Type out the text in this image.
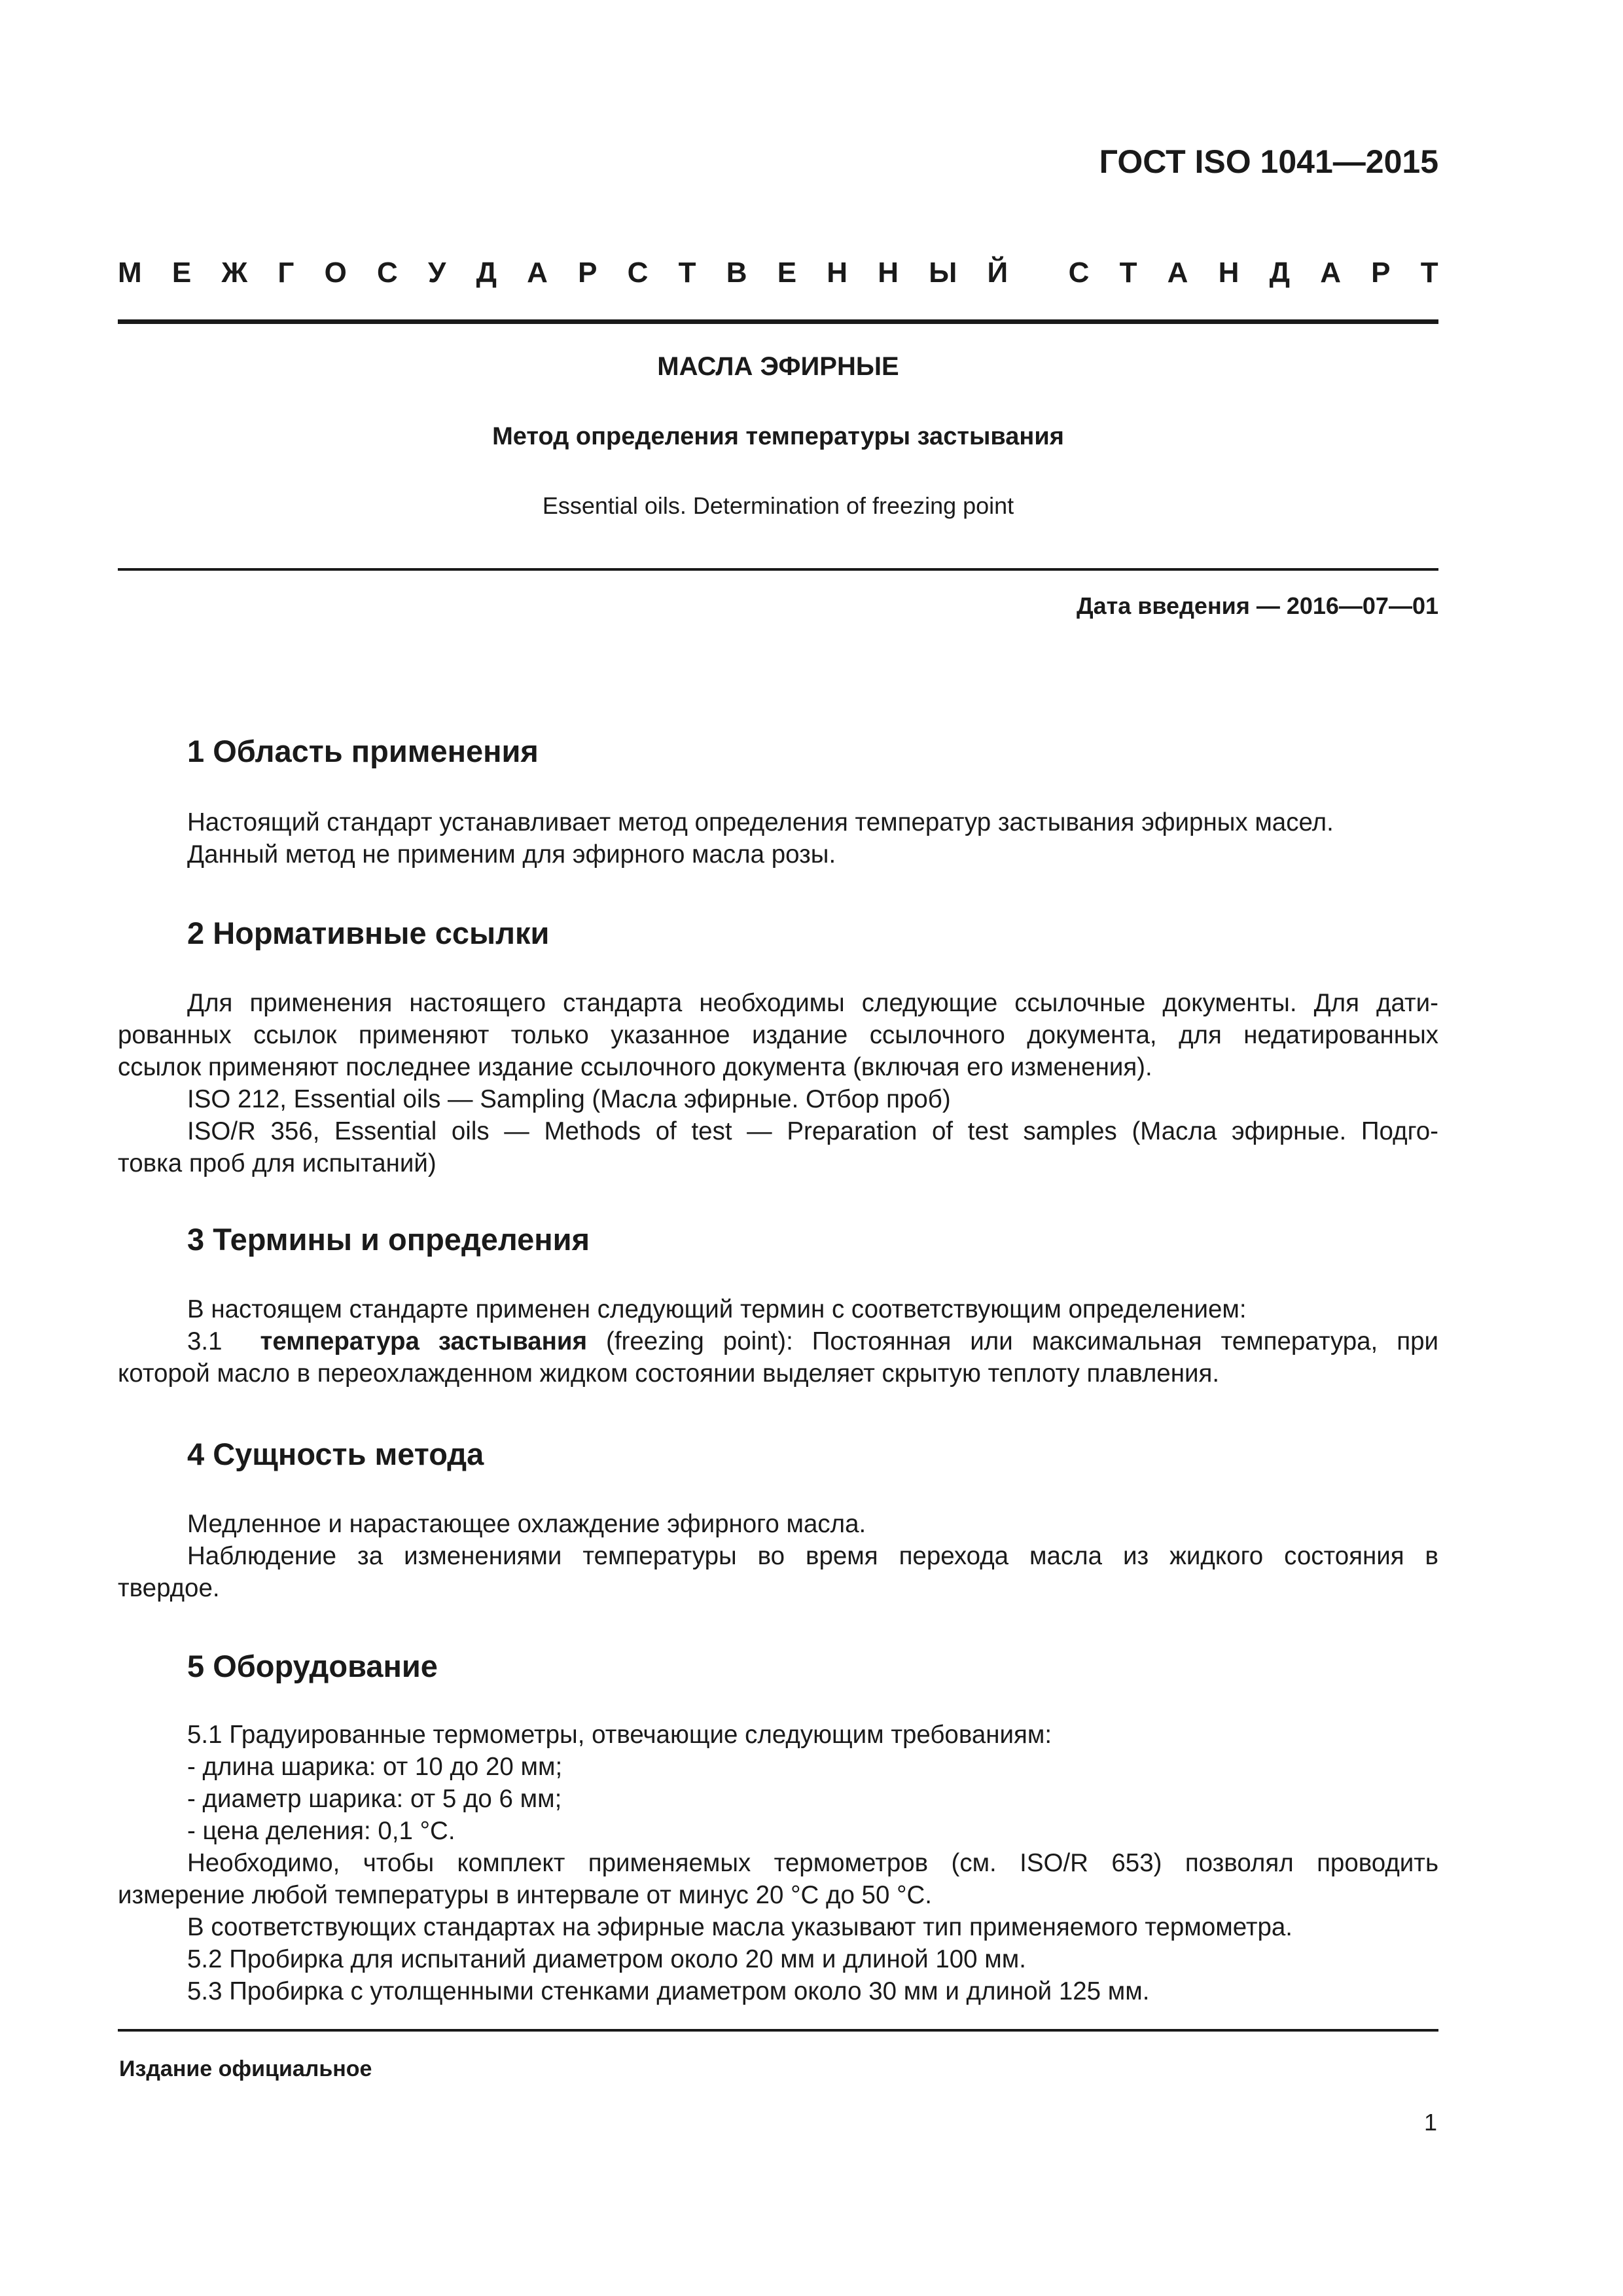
ГОСТ ISO 1041—2015
М Е Ж Г О С У Д А Р С Т В Е Н Н Ы Й С Т А Н Д А Р Т
МАСЛА ЭФИРНЫЕ
Метод определения температуры застывания
Essential oils. Determination of freezing point
Дата введения — 2016—07—01
1 Область применения
Настоящий стандарт устанавливает метод определения температур застывания эфирных масел.
Данный метод не применим для эфирного масла розы.
2 Нормативные ссылки
Для применения настоящего стандарта необходимы следующие ссылочные документы. Для дати-
рованных ссылок применяют только указанное издание ссылочного документа, для недатированных
ссылок применяют последнее издание ссылочного документа (включая его изменения).
ISO 212, Essential oils — Sampling (Масла эфирные. Отбор проб)
ISO/R 356, Essential oils — Methods of test — Preparation of test samples (Масла эфирные. Подго-
товка проб для испытаний)
3 Термины и определения
В настоящем стандарте применен следующий термин с соответствующим определением:
3.1 температура застывания (freezing point): Постоянная или максимальная температура, при
которой масло в переохлажденном жидком состоянии выделяет скрытую теплоту плавления.
4 Сущность метода
Медленное и нарастающее охлаждение эфирного масла.
Наблюдение за изменениями температуры во время перехода масла из жидкого состояния в
твердое.
5 Оборудование
5.1 Градуированные термометры, отвечающие следующим требованиям:
- длина шарика: от 10 до 20 мм;
- диаметр шарика: от 5 до 6 мм;
- цена деления: 0,1 °С.
Необходимо, чтобы комплект применяемых термометров (см. ISO/R 653) позволял проводить
измерение любой температуры в интервале от минус 20 °С до 50 °С.
В соответствующих стандартах на эфирные масла указывают тип применяемого термометра.
5.2 Пробирка для испытаний диаметром около 20 мм и длиной 100 мм.
5.3 Пробирка с утолщенными стенками диаметром около 30 мм и длиной 125 мм.
Издание официальное
1
